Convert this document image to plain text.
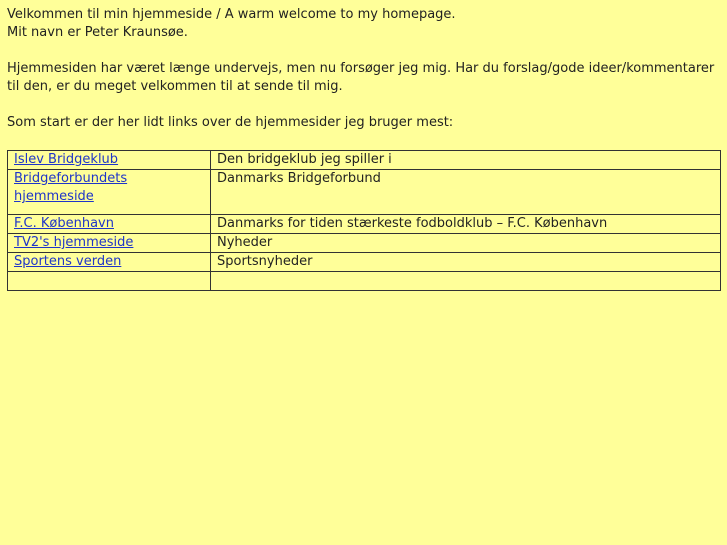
Velkommen til min hjemmeside / A warm welcome to my homepage.

Mit navn er Peter Kraunsøe.

Hjemmesiden har været længe undervejs, men nu forsøger jeg mig. Har du forslag/gode ideer/kommentarer til den, er du meget velkommen til at sende til mig.

Som start er der her lidt links over de hjemmesider jeg bruger mest:

Islev Bridgeklub	Den bridgeklub jeg spiller i
Bridgeforbundets hjemmeside	Danmarks Bridgeforbund
F.C. København	Danmarks for tiden stærkeste fodboldklub – F.C. København
TV2's hjemmeside	Nyheder
Sportens verden	Sportsnyheder
